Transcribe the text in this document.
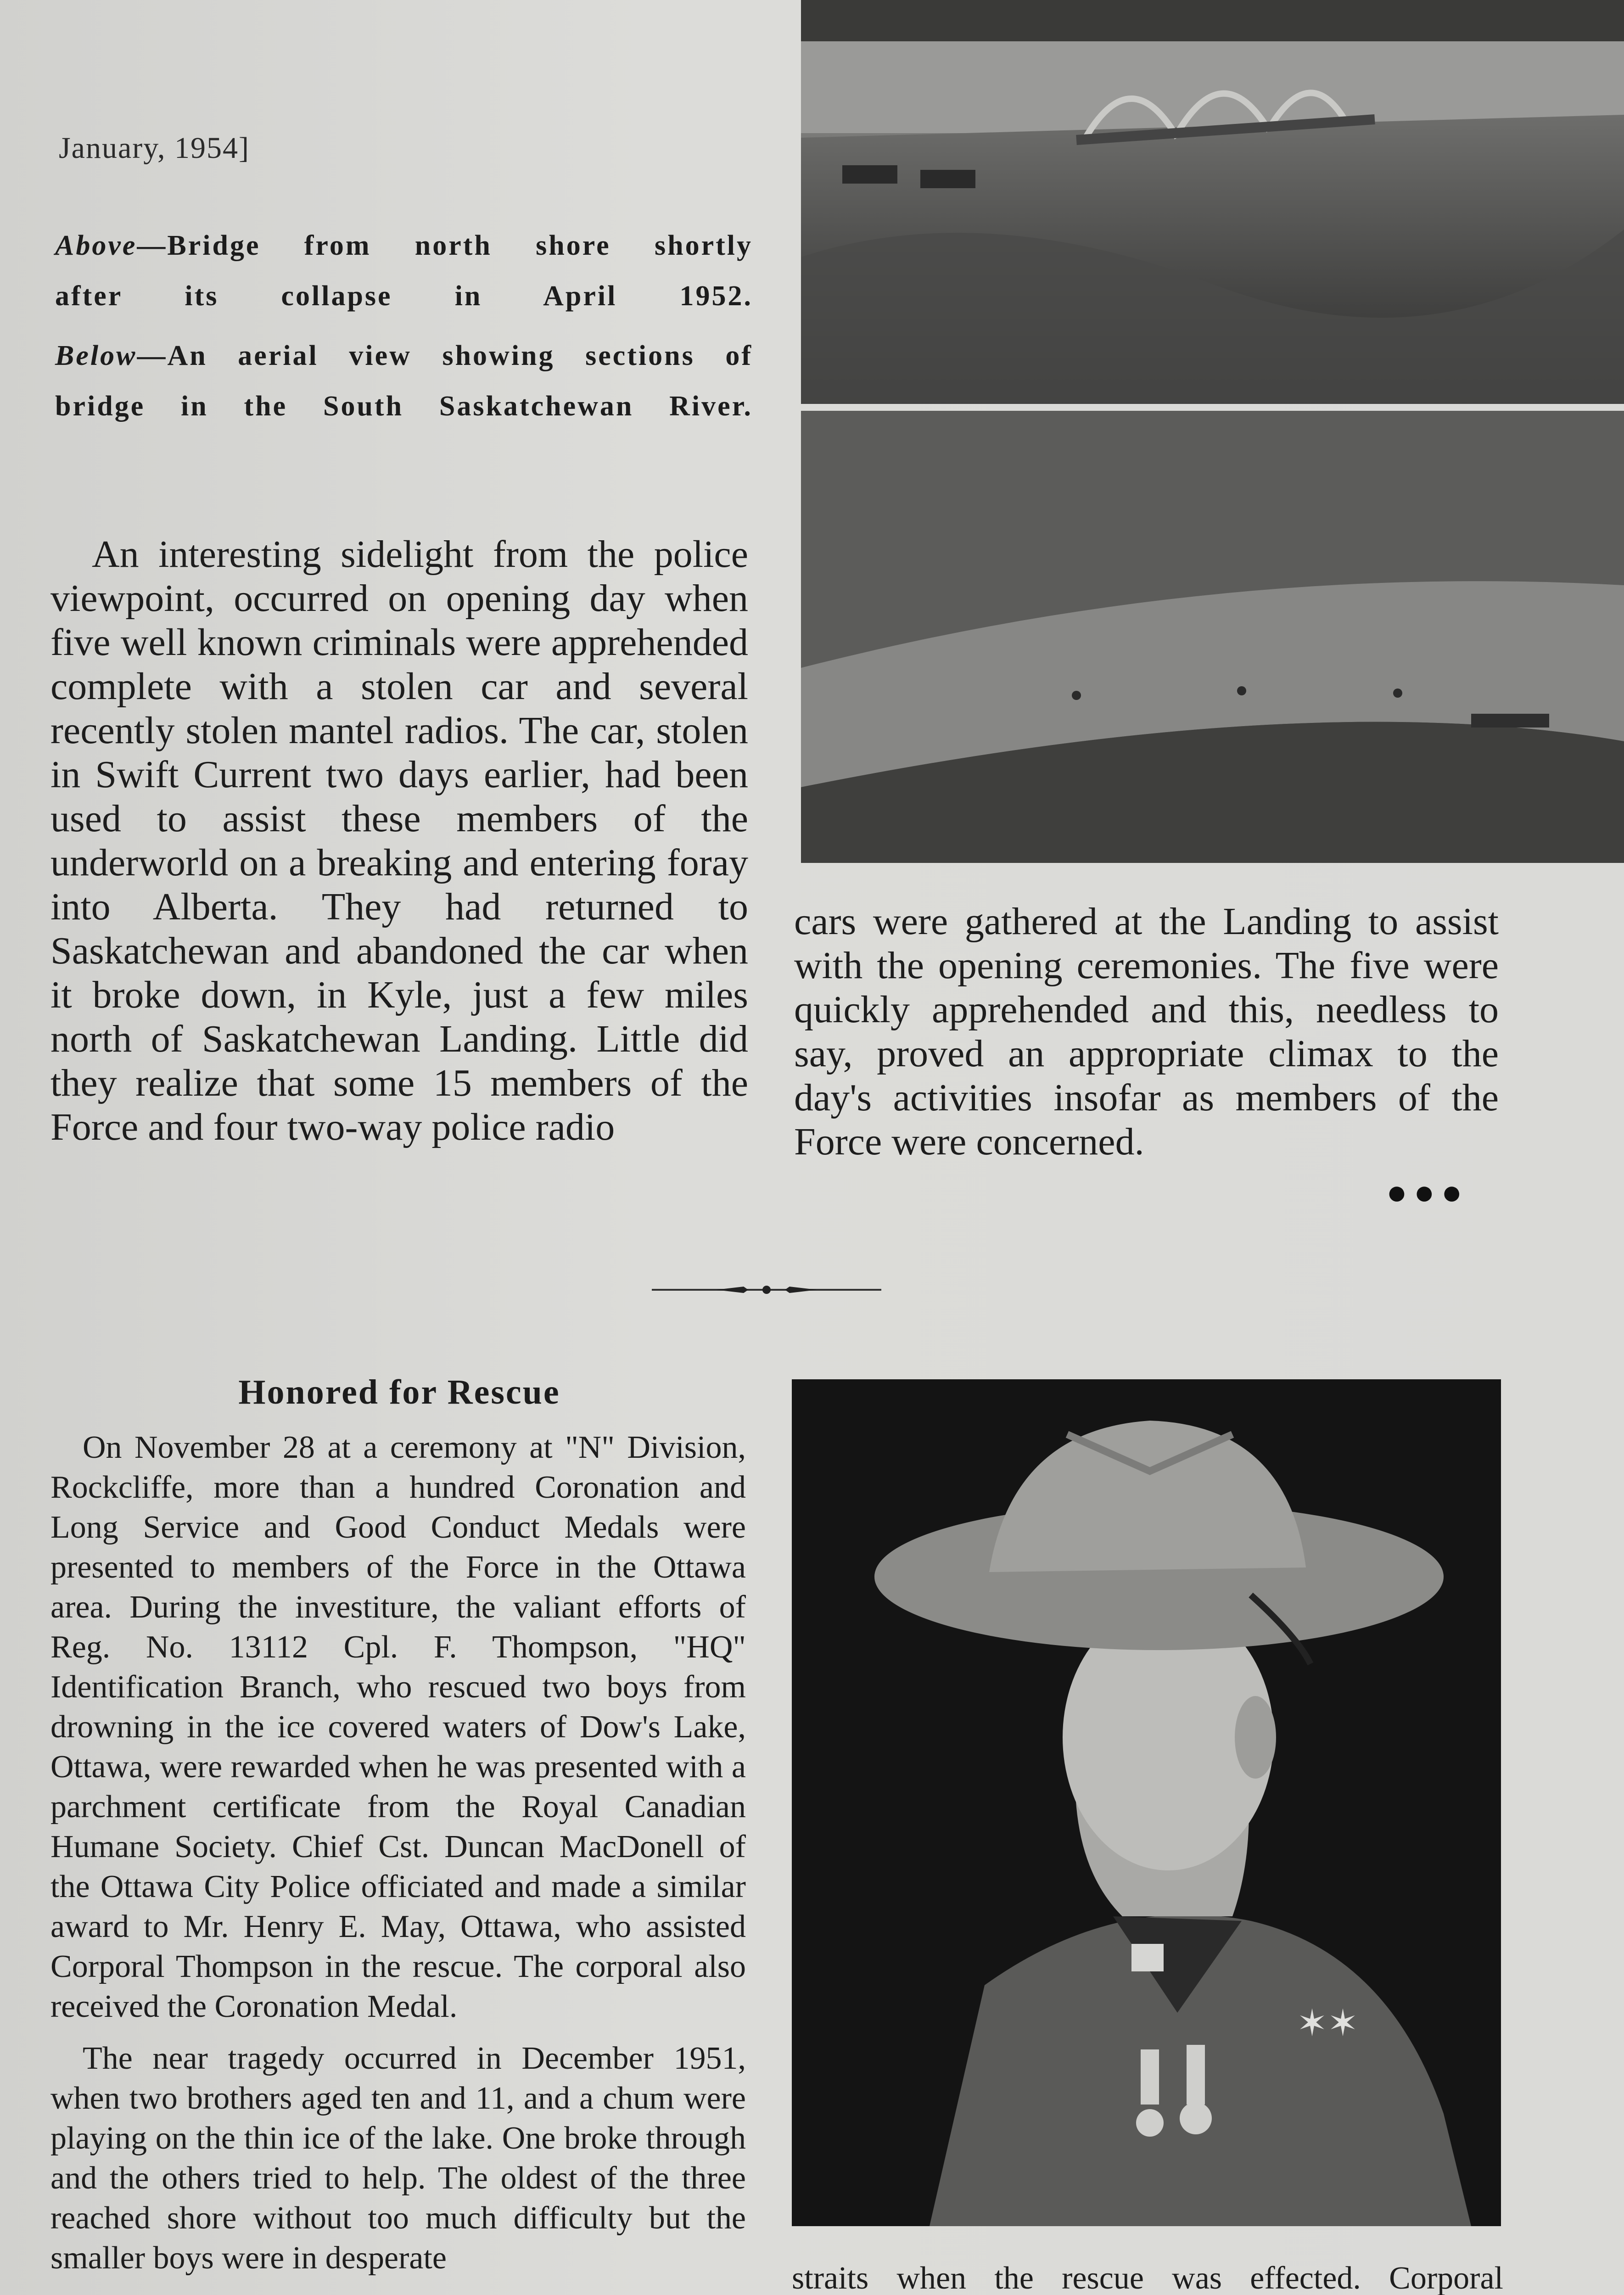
January, 1954]
Above—Bridge from north shore shortly
after its collapse in April 1952.
Below—An aerial view showing sections of
bridge in the South Saskatchewan River.

An interesting sidelight from the police viewpoint, occurred on opening day when five well known criminals were apprehended complete with a stolen car and several recently stolen mantel radios. The car, stolen in Swift Current two days earlier, had been used to assist these members of the underworld on a breaking and entering foray into Alberta. They had returned to Saskatchewan and abandoned the car when it broke down, in Kyle, just a few miles north of Saskatchewan Landing. Little did they realize that some 15 members of the Force and four two-way police radio

cars were gathered at the Landing to assist with the opening ceremonies. The five were quickly apprehended and this, needless to say, proved an appropriate climax to the day's activities insofar as members of the Force were concerned.

●●●
Honored for Rescue

On November 28 at a ceremony at "N" Division, Rockcliffe, more than a hundred Coronation and Long Service and Good Conduct Medals were presented to members of the Force in the Ottawa area. During the investiture, the valiant efforts of Reg. No. 13112 Cpl. F. Thompson, "HQ" Identification Branch, who rescued two boys from drowning in the ice covered waters of Dow's Lake, Ottawa, were rewarded when he was presented with a parchment certificate from the Royal Canadian Humane Society. Chief Cst. Duncan MacDonell of the Ottawa City Police officiated and made a similar award to Mr. Henry E. May, Ottawa, who assisted Corporal Thompson in the rescue. The corporal also received the Coronation Medal.

The near tragedy occurred in December 1951, when two brothers aged ten and 11, and a chum were playing on the thin ice of the lake. One broke through and the others tried to help. The oldest of the three reached shore without too much difficulty but the smaller boys were in desperate

✶✶

straits when the rescue was effected. Corporal
